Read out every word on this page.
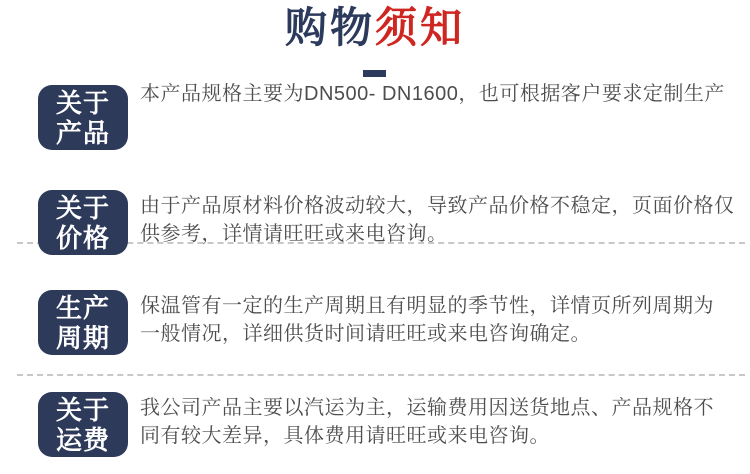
购物须知
关于
产品
本产品规格主要为DN500- DN1600，也可根据客户要求定制生产
关于
价格
由于产品原材料价格波动较大，导致产品价格不稳定，页面价格仅
供参考，详情请旺旺或来电咨询。
生产
周期
保温管有一定的生产周期且有明显的季节性，详情页所列周期为
一般情况，详细供货时间请旺旺或来电咨询确定。
关于
运费
我公司产品主要以汽运为主，运输费用因送货地点、产品规格不
同有较大差异，具体费用请旺旺或来电咨询。
